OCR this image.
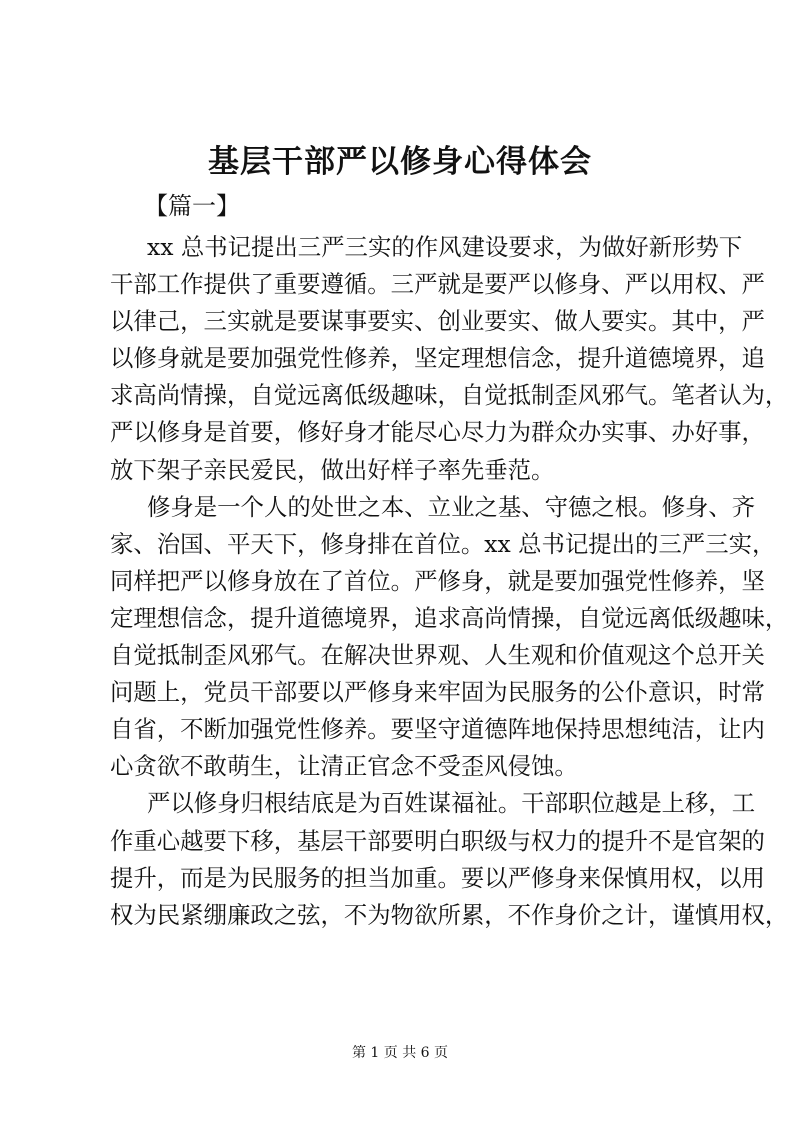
基层干部严以修身心得体会
【篇一】
xx 总书记提出三严三实的作风建设要求，为做好新形势下
干部工作提供了重要遵循。三严就是要严以修身、严以用权、严
以律己，三实就是要谋事要实、创业要实、做人要实。其中，严
以修身就是要加强党性修养，坚定理想信念，提升道德境界，追
求高尚情操，自觉远离低级趣味，自觉抵制歪风邪气。笔者认为，
严以修身是首要，修好身才能尽心尽力为群众办实事、办好事，
放下架子亲民爱民，做出好样子率先垂范。
修身是一个人的处世之本、立业之基、守德之根。修身、齐
家、治国、平天下，修身排在首位。xx 总书记提出的三严三实，
同样把严以修身放在了首位。严修身，就是要加强党性修养，坚
定理想信念，提升道德境界，追求高尚情操，自觉远离低级趣味，
自觉抵制歪风邪气。在解决世界观、人生观和价值观这个总开关
问题上，党员干部要以严修身来牢固为民服务的公仆意识，时常
自省，不断加强党性修养。要坚守道德阵地保持思想纯洁，让内
心贪欲不敢萌生，让清正官念不受歪风侵蚀。
严以修身归根结底是为百姓谋福祉。干部职位越是上移，工
作重心越要下移，基层干部要明白职级与权力的提升不是官架的
提升，而是为民服务的担当加重。要以严修身来保慎用权，以用
权为民紧绷廉政之弦，不为物欲所累，不作身价之计，谨慎用权，
第 1 页 共 6 页
